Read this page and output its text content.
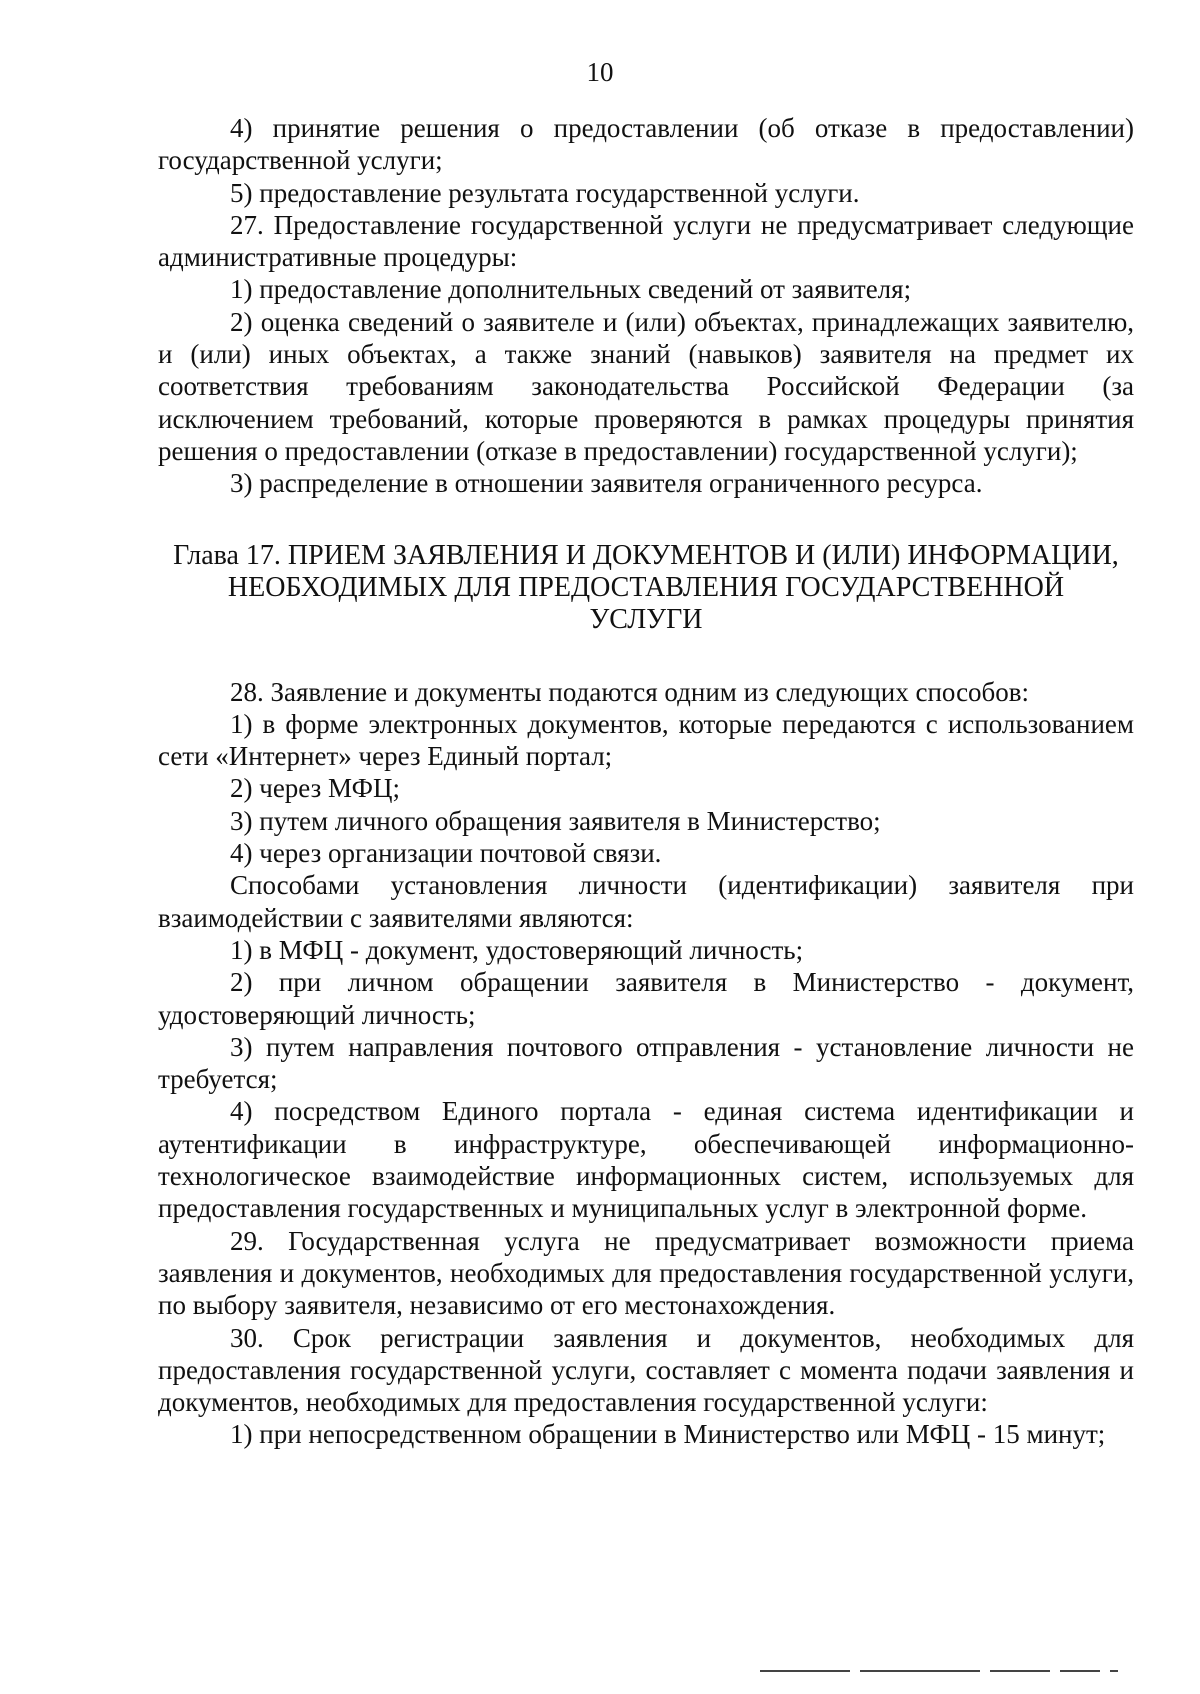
10

4) принятие решения о предоставлении (об отказе в предоставлении) государственной услуги;

5) предоставление результата государственной услуги.

27. Предоставление государственной услуги не предусматривает следующие административные процедуры:

1) предоставление дополнительных сведений от заявителя;

2) оценка сведений о заявителе и (или) объектах, принадлежащих заявителю, и (или) иных объектах, а также знаний (навыков) заявителя на предмет их соответствия требованиям законодательства Российской Федерации (за исключением требований, которые проверяются в рамках процедуры принятия решения о предоставлении (отказе в предоставлении) государственной услуги);

3) распределение в отношении заявителя ограниченного ресурса.

Глава 17. ПРИЕМ ЗАЯВЛЕНИЯ И ДОКУМЕНТОВ И (ИЛИ) ИНФОРМАЦИИ,
НЕОБХОДИМЫХ ДЛЯ ПРЕДОСТАВЛЕНИЯ ГОСУДАРСТВЕННОЙ
УСЛУГИ

28. Заявление и документы подаются одним из следующих способов:

1) в форме электронных документов, которые передаются с использованием сети «Интернет» через Единый портал;

2) через МФЦ;

3) путем личного обращения заявителя в Министерство;

4) через организации почтовой связи.

Способами установления личности (идентификации) заявителя при взаимодействии с заявителями являются:

1) в МФЦ - документ, удостоверяющий личность;

2) при личном обращении заявителя в Министерство - документ, удостоверяющий личность;

3) путем направления почтового отправления - установление личности не требуется;

4) посредством Единого портала - единая система идентификации и аутентификации в инфраструктуре, обеспечивающей информационно-технологическое взаимодействие информационных систем, используемых для предоставления государственных и муниципальных услуг в электронной форме.

29. Государственная услуга не предусматривает возможности приема заявления и документов, необходимых для предоставления государственной услуги, по выбору заявителя, независимо от его местонахождения.

30. Срок регистрации заявления и документов, необходимых для предоставления государственной услуги, составляет с момента подачи заявления и документов, необходимых для предоставления государственной услуги:

1) при непосредственном обращении в Министерство или МФЦ - 15 минут;
